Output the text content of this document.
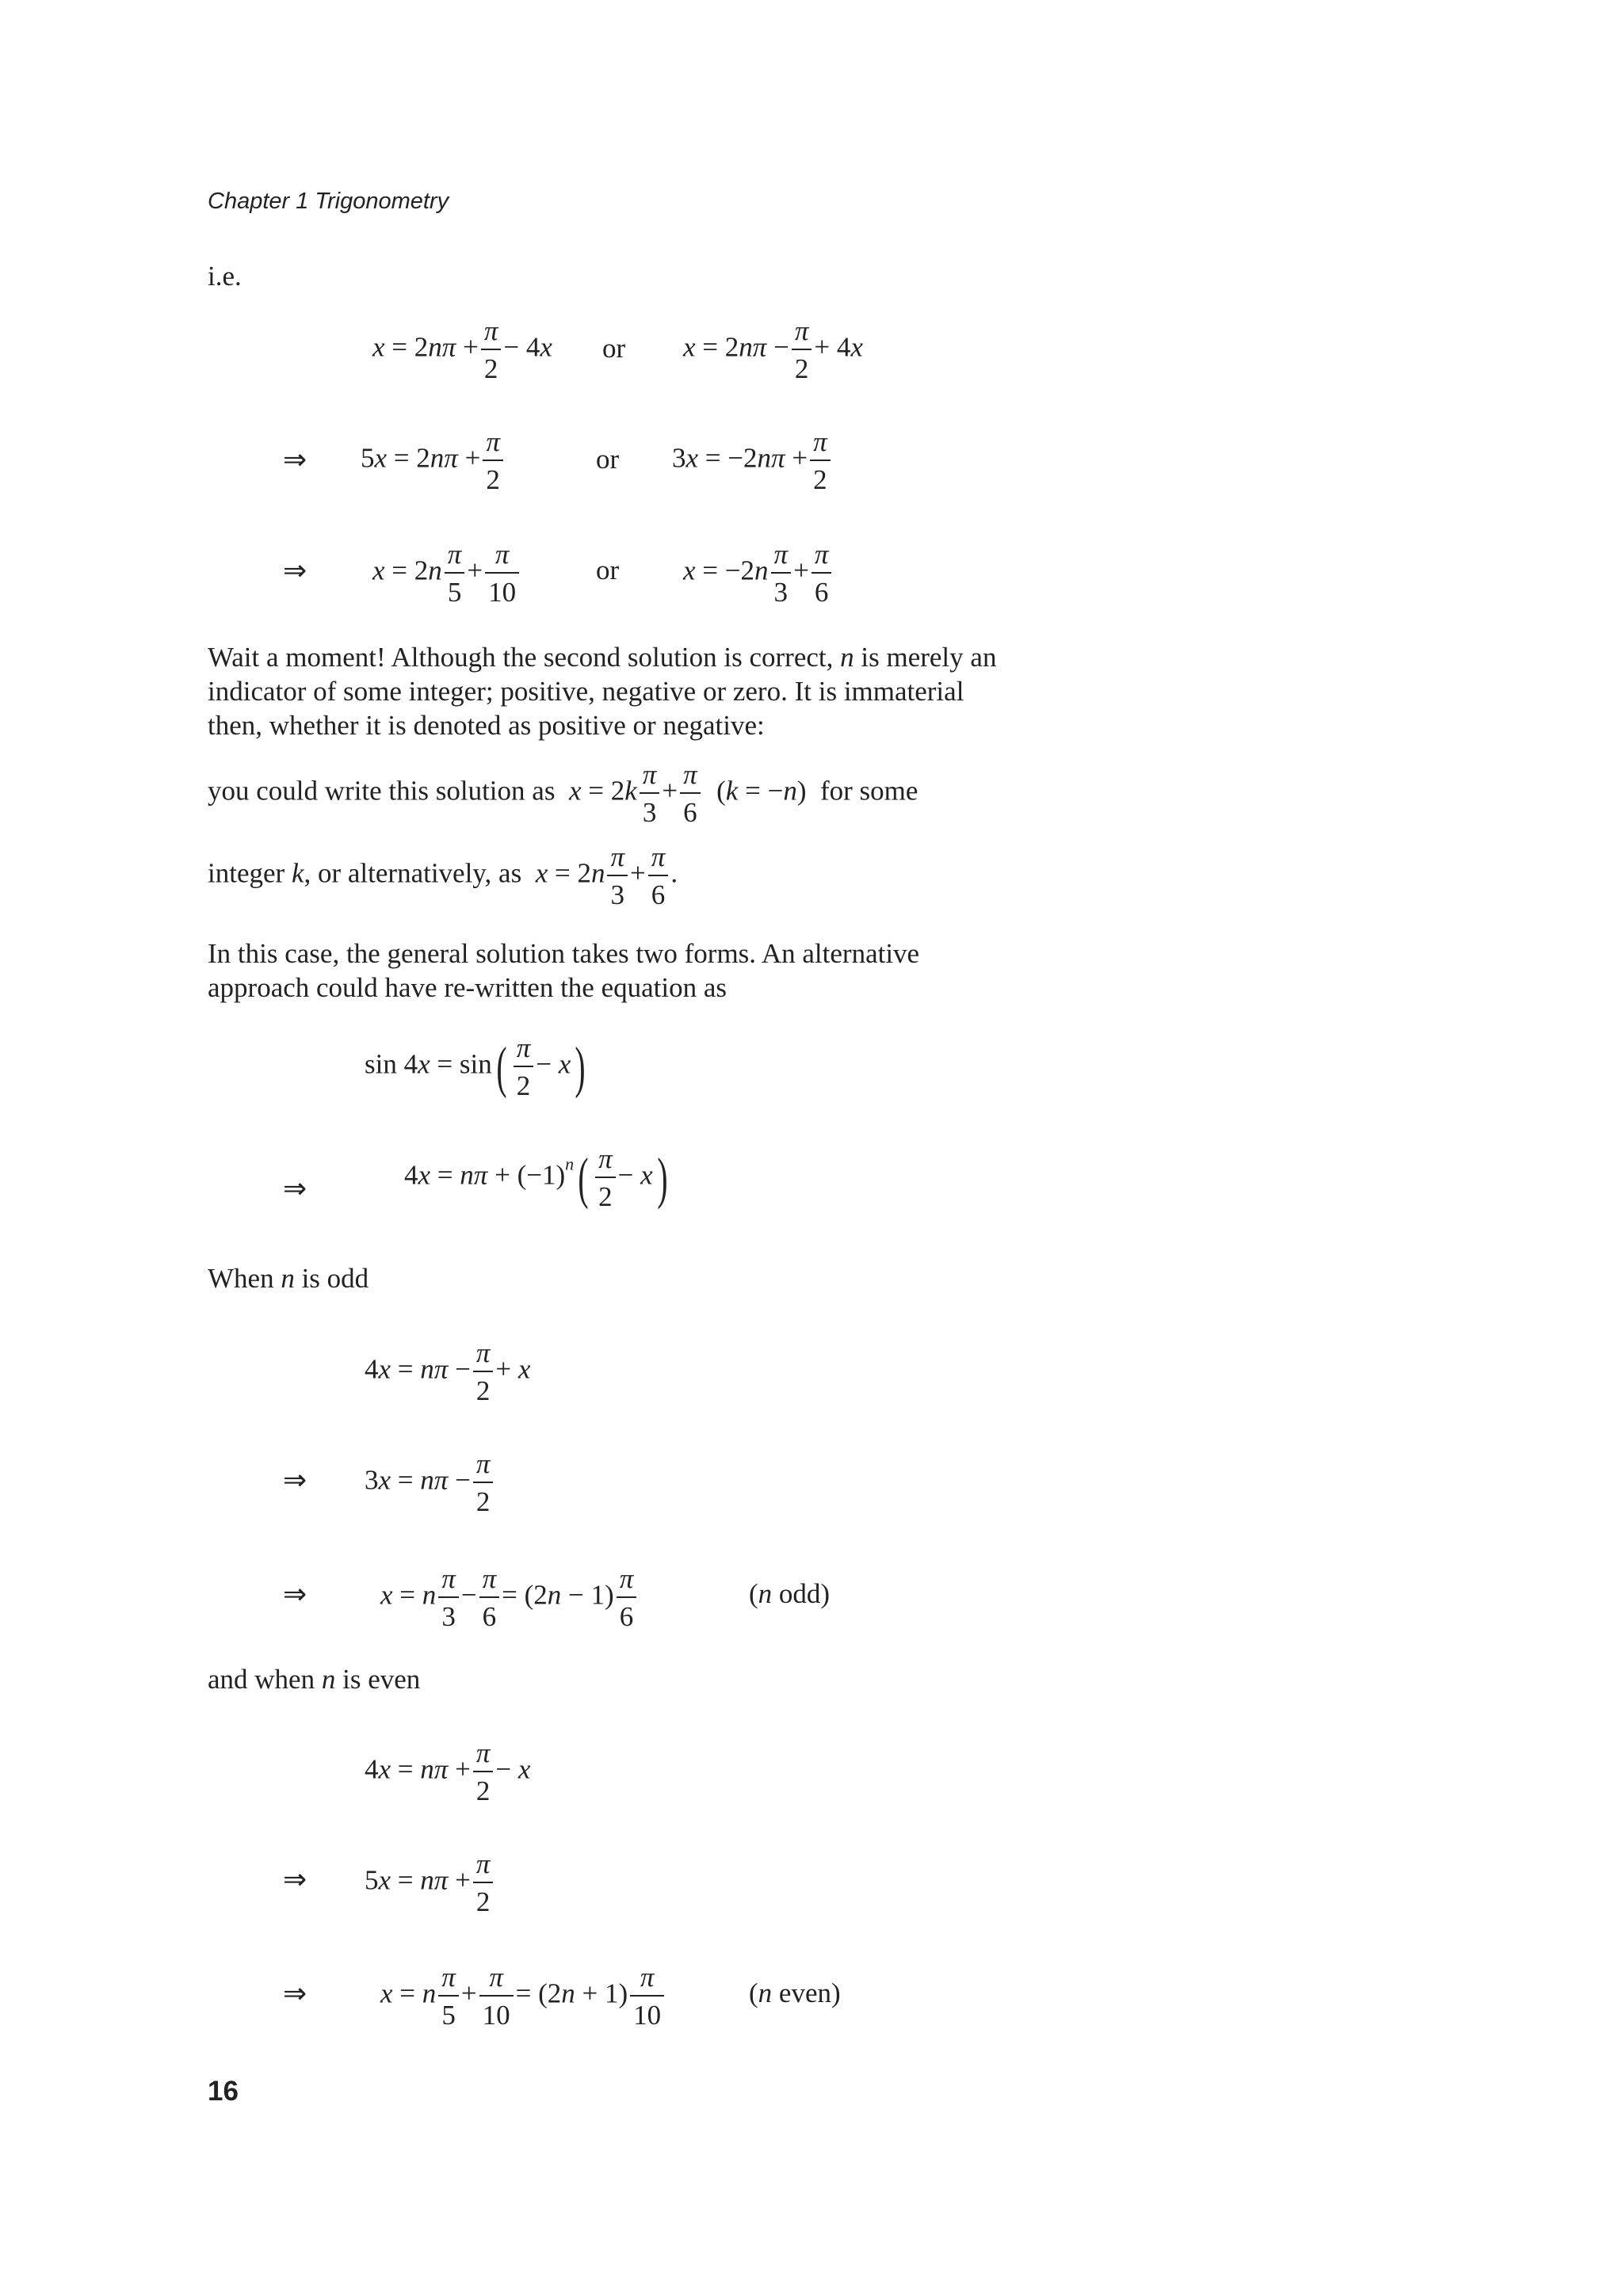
Chapter 1 Trigonometry
i.e.
$x = 2n\pi + \frac{\pi}{2} - 4x$ or $x = 2n\pi - \frac{\pi}{2} + 4x$
⇒ $5x = 2n\pi + \frac{\pi}{2}$	or $3x = -2n\pi + \frac{\pi}{2}$
⇒ $x = 2n \frac{\pi}{5} + \frac{\pi}{10}$	or $x = -2n \frac{\pi}{3} + \frac{\pi}{6}$
Wait a moment! Although the second solution is correct, n is merely an indicator of some integer; positive, negative or zero. It is immaterial then, whether it is denoted as positive or negative:
you could write this solution as $x = 2k \frac{\pi}{3} + \frac{\pi}{6} (k = -n)$  for some
integer k, or alternatively, as $x = 2n \frac{\pi}{3} + \frac{\pi}{6}$ .
In this case, the general solution takes two forms. An alternative approach could have re-written the equation as
$\sin 4x = \sin( \frac{\pi}{2} - x)$
⇒	$4x = n\pi + (-1)^n( \frac{\pi}{2} - x)$
When n is odd
$4x = n\pi - \frac{\pi}{2} + x$
⇒ $3x = n\pi - \frac{\pi}{2}$
⇒	x = n $\frac{\pi}{3} - \frac{\pi}{6} = (2n - 1) \frac{\pi}{6}$	(n odd)
and when n is even
$4x = n\pi + \frac{\pi}{2} - x$
⇒ $5x = n\pi + \frac{\pi}{2}$
⇒	x = n $\frac{\pi}{5} + \frac{\pi}{10} = (2n + 1) \frac{\pi}{10}$	(n even)
16
